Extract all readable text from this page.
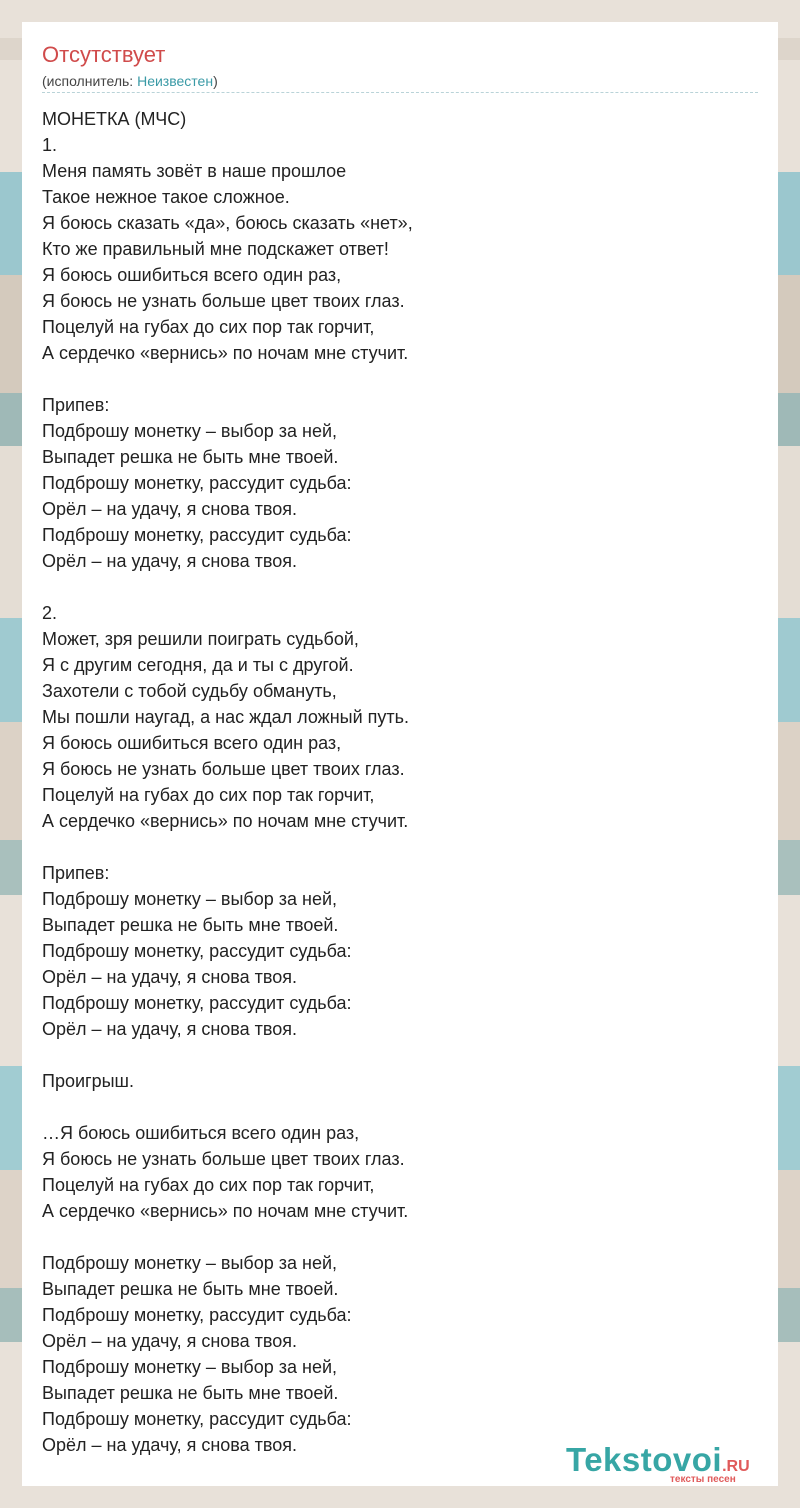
Отсутствует
(исполнитель: Неизвестен)
МОНЕТКА (МЧС)
1.
Меня память зовёт в наше прошлое
Такое нежное такое сложное.
Я боюсь сказать «да», боюсь сказать «нет»,
Кто же правильный мне подскажет ответ!
Я боюсь ошибиться всего один раз,
Я боюсь не узнать больше цвет твоих глаз.
Поцелуй на губах до сих пор так горчит,
А сердечко «вернись» по ночам мне стучит.

Припев:
Подброшу монетку – выбор за ней,
Выпадет решка не быть мне твоей.
Подброшу монетку, рассудит судьба:
Орёл – на удачу, я снова твоя.
Подброшу монетку, рассудит судьба:
Орёл – на удачу, я снова твоя.

2.
Может, зря решили поиграть судьбой,
Я с другим сегодня, да и ты с другой.
Захотели с тобой судьбу обмануть,
Мы пошли наугад, а нас ждал ложный путь.
Я боюсь ошибиться всего один раз,
Я боюсь не узнать больше цвет твоих глаз.
Поцелуй на губах до сих пор так горчит,
А сердечко «вернись» по ночам мне стучит.

Припев:
Подброшу монетку – выбор за ней,
Выпадет решка не быть мне твоей.
Подброшу монетку, рассудит судьба:
Орёл – на удачу, я снова твоя.
Подброшу монетку, рассудит судьба:
Орёл – на удачу, я снова твоя.

Проигрыш.

…Я боюсь ошибиться всего один раз,
Я боюсь не узнать больше цвет твоих глаз.
Поцелуй на губах до сих пор так горчит,
А сердечко «вернись» по ночам мне стучит.

Подброшу монетку – выбор за ней,
Выпадет решка не быть мне твоей.
Подброшу монетку, рассудит судьба:
Орёл – на удачу, я снова твоя.
Подброшу монетку – выбор за ней,
Выпадет решка не быть мне твоей.
Подброшу монетку, рассудит судьба:
Орёл – на удачу, я снова твоя.	Tekstovoi.RU
тексты песен
